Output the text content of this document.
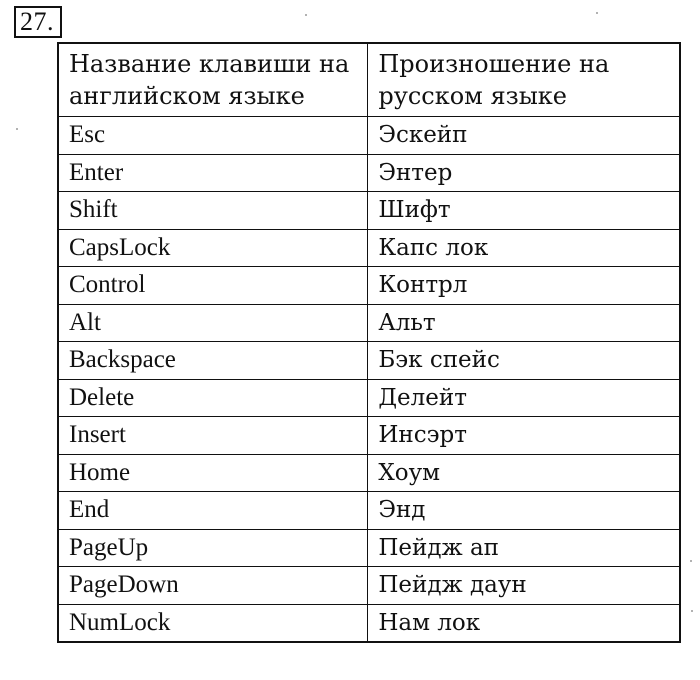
27.
Название клавиши на английском языке	Произношение на русском языке
Esc	Эскейп
Enter	Энтер
Shift	Шифт
CapsLock	Капс лок
Control	Контрл
Alt	Альт
Backspace	Бэк спейс
Delete	Делейт
Insert	Инсэрт
Home	Хоум
End	Энд
PageUp	Пейдж ап
PageDown	Пейдж даун
NumLock	Нам лок
